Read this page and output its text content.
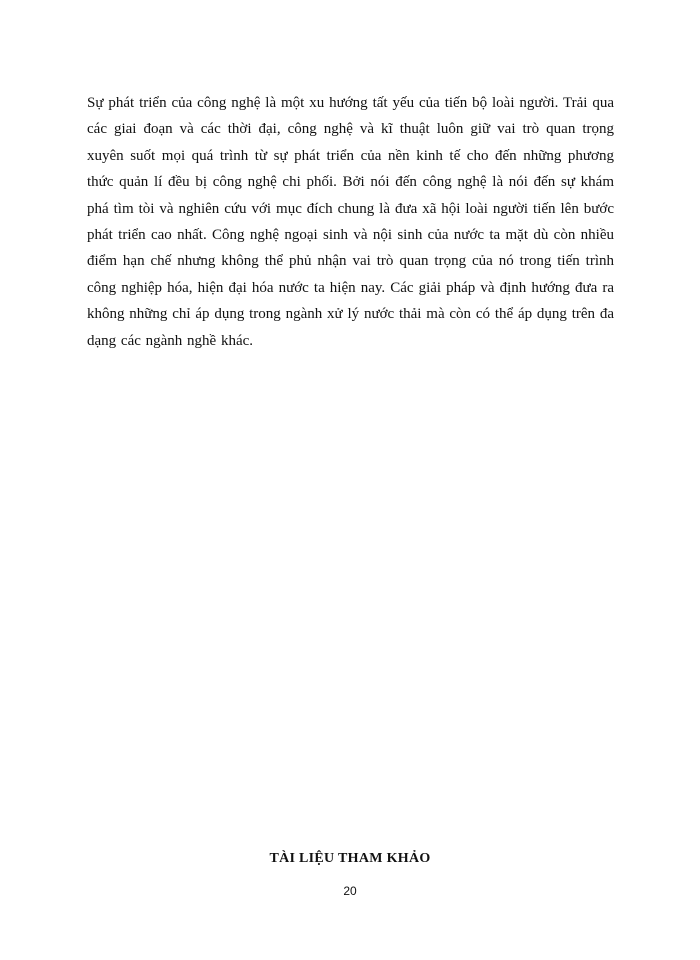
Sự phát triển của công nghệ là một xu hướng tất yếu của tiến bộ loài người. Trải qua các giai đoạn và các thời đại, công nghệ và kĩ thuật luôn giữ vai trò quan trọng xuyên suốt mọi quá trình từ sự phát triển của nền kinh tế cho đến những phương thức quản lí đều bị công nghệ chi phối. Bởi nói đến công nghệ là nói đến sự khám phá tìm tòi và nghiên cứu với mục đích chung là đưa xã hội loài người tiến lên bước phát triển cao nhất. Công nghệ ngoại sinh và nội sinh của nước ta mặt dù còn nhiều điểm hạn chế nhưng không thể phủ nhận vai trò quan trọng của nó trong tiến trình công nghiệp hóa, hiện đại hóa nước ta hiện nay. Các giải pháp và định hướng đưa ra không những chỉ áp dụng trong ngành xử lý nước thải mà còn có thể áp dụng trên đa dạng các ngành nghề khác.

TÀI LIỆU THAM KHẢO
20
